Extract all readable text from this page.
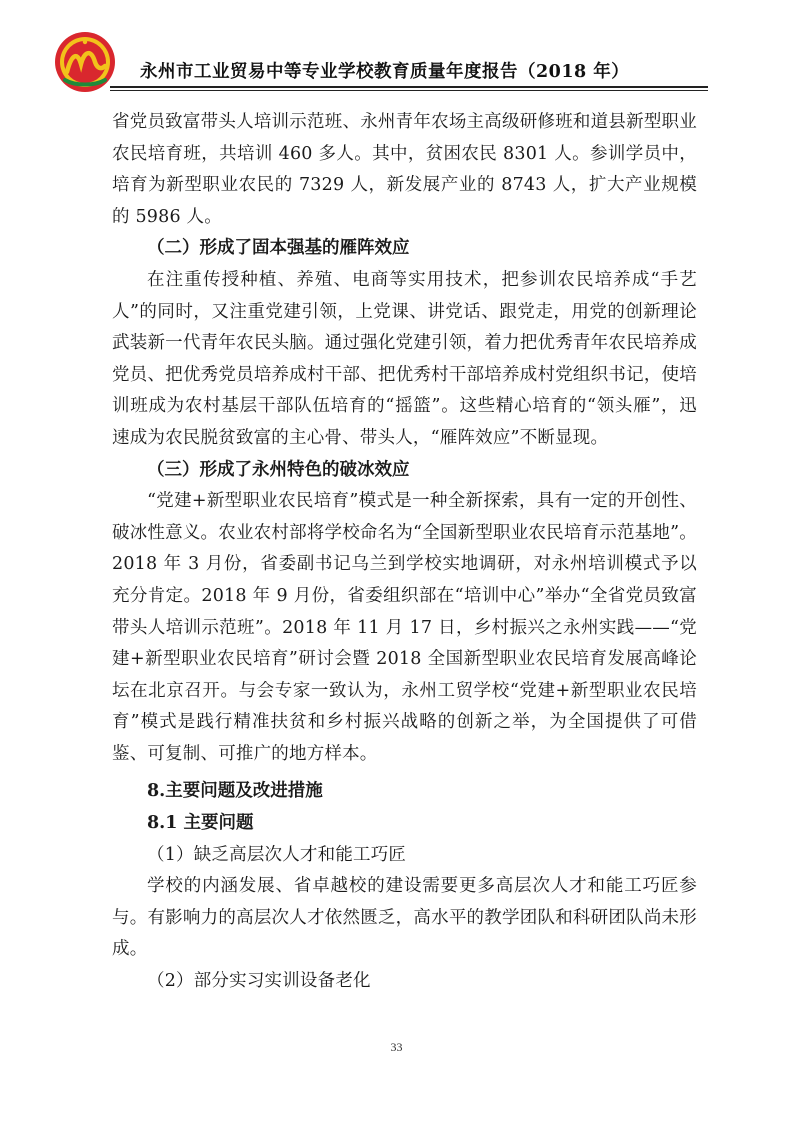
永州市工业贸易中等专业学校教育质量年度报告（2018 年）

省党员致富带头人培训示范班、永州青年农场主高级研修班和道县新型职业农民培育班，共培训 460 多人。其中，贫困农民 8301 人。参训学员中，培育为新型职业农民的 7329 人，新发展产业的 8743 人，扩大产业规模的 5986 人。

（二）形成了固本强基的雁阵效应

在注重传授种植、养殖、电商等实用技术，把参训农民培养成“手艺人”的同时，又注重党建引领，上党课、讲党话、跟党走，用党的创新理论武装新一代青年农民头脑。通过强化党建引领，着力把优秀青年农民培养成党员、把优秀党员培养成村干部、把优秀村干部培养成村党组织书记，使培训班成为农村基层干部队伍培育的“摇篮”。这些精心培育的“领头雁”，迅速成为农民脱贫致富的主心骨、带头人，“雁阵效应”不断显现。

（三）形成了永州特色的破冰效应

“党建+新型职业农民培育”模式是一种全新探索，具有一定的开创性、破冰性意义。农业农村部将学校命名为“全国新型职业农民培育示范基地”。2018 年 3 月份，省委副书记乌兰到学校实地调研，对永州培训模式予以充分肯定。2018 年 9 月份，省委组织部在“培训中心”举办“全省党员致富带头人培训示范班”。2018 年 11 月 17 日，乡村振兴之永州实践——“党建+新型职业农民培育”研讨会暨 2018 全国新型职业农民培育发展高峰论坛在北京召开。与会专家一致认为，永州工贸学校“党建+新型职业农民培育”模式是践行精准扶贫和乡村振兴战略的创新之举，为全国提供了可借鉴、可复制、可推广的地方样本。

8.主要问题及改进措施

8.1 主要问题

（1）缺乏高层次人才和能工巧匠

学校的内涵发展、省卓越校的建设需要更多高层次人才和能工巧匠参与。有影响力的高层次人才依然匮乏，高水平的教学团队和科研团队尚未形成。

（2）部分实习实训设备老化

33
